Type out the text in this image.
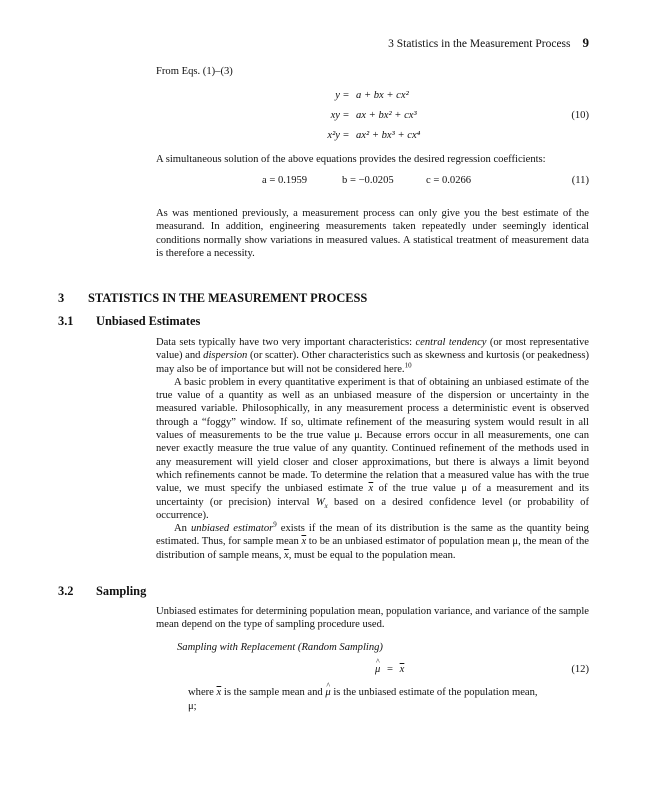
3 Statistics in the Measurement Process 9
From Eqs. (1)–(3)
y = a + bx + cx²
xy = ax + bx² + cx³	(10)
x²y = ax² + bx³ + cx⁴
A simultaneous solution of the above equations provides the desired regression coefficients:
a = 0.1959	b = −0.0205	c = 0.0266	(11)
As was mentioned previously, a measurement process can only give you the best estimate of the measurand. In addition, engineering measurements taken repeatedly under seemingly identical conditions normally show variations in measured values. A statistical treatment of measurement data is therefore a necessity.
3 STATISTICS IN THE MEASUREMENT PROCESS
3.1 Unbiased Estimates

Data sets typically have two very important characteristics: central tendency (or most representative value) and dispersion (or scatter). Other characteristics such as skewness and kurtosis (or peakedness) may also be of importance but will not be considered here.$^{10}$

A basic problem in every quantitative experiment is that of obtaining an unbiased estimate of the true value of a quantity as well as an unbiased measure of the dispersion or uncertainty in the measured variable. Philosophically, in any measurement process a deterministic event is observed through a “foggy” window. If so, ultimate refinement of the measuring system would result in all values of measurements to be the true value μ. Because errors occur in all measurements, one can never exactly measure the true value of any quantity. Continued refinement of the methods used in any measurement will yield closer and closer approximations, but there is always a limit beyond which refinements cannot be made. To determine the relation that a measured value has with the true value, we must specify the unbiased estimate $\overline{x}$ of the true value μ of a measurement and its uncertainty (or precision) interval $W_x$ based on a desired confidence level (or probability of occurrence).

An unbiased estimator$^9$ exists if the mean of its distribution is the same as the quantity being estimated. Thus, for sample mean $\overline{x}$ to be an unbiased estimator of population mean μ, the mean of the distribution of sample means, $\overline{x}$, must be equal to the population mean.

3.2 Sampling
Unbiased estimates for determining population mean, population variance, and variance of the sample mean depend on the type of sampling procedure used.
Sampling with Replacement (Random Sampling)
^ $\mu = \overline{x}$	(12)
where $\overline{x}$ is the sample mean and ^ μ is the unbiased estimate of the population mean,
μ;
